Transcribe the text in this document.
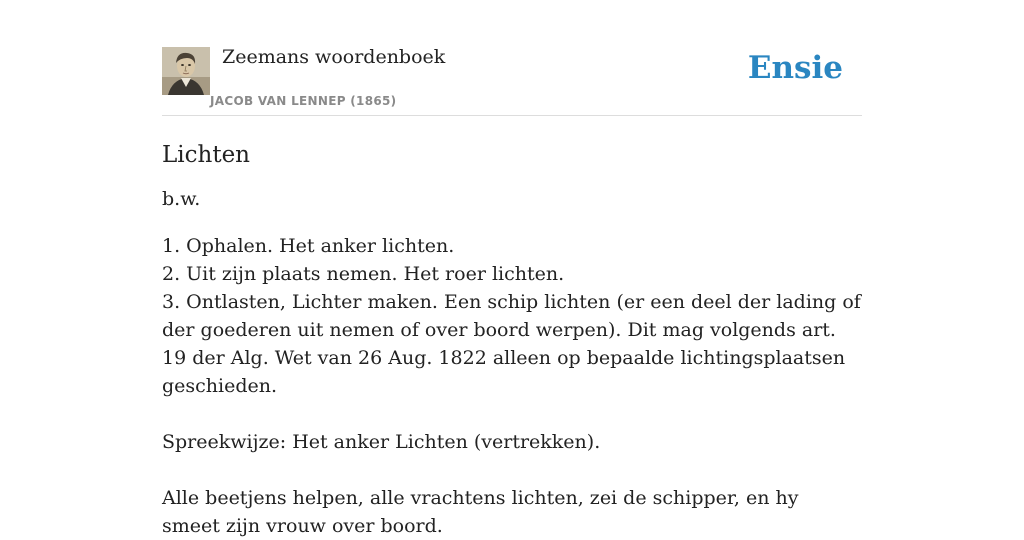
Zeemans woordenboek
JACOB VAN LENNEP (1865)
Ensie
Lichten

b.w.

1. Ophalen. Het anker lichten.
2. Uit zijn plaats nemen. Het roer lichten.
3. Ontlasten, Lichter maken. Een schip lichten (er een deel der lading of der goederen uit nemen of over boord werpen). Dit mag volgends art. 19 der Alg. Wet van 26 Aug. 1822 alleen op bepaalde lichtingsplaatsen geschieden.
Spreekwijze: Het anker Lichten (vertrekken).
Alle beetjens helpen, alle vrachtens lichten, zei de schipper, en hy smeet zijn vrouw over boord.
